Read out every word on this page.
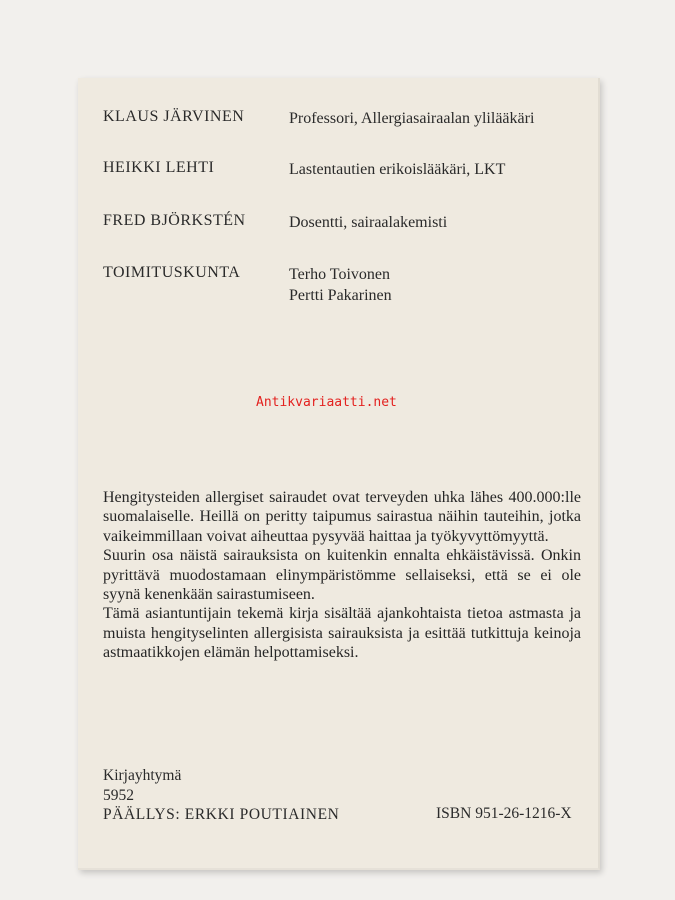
KLAUS JÄRVINEN	Professori, Allergiasairaalan ylilääkäri
HEIKKI LEHTI	Lastentautien erikoislääkäri, LKT
FRED BJÖRKSTÉN	Dosentti, sairaalakemisti
TOIMITUSKUNTA	Terho Toivonen
Pertti Pakarinen
Antikvariaatti.net

Hengitysteiden allergiset sairaudet ovat terveyden uhka lähes 400.000:lle suomalaiselle. Heillä on peritty taipumus sairastua näihin tauteihin, jotka vaikeimmillaan voivat aiheuttaa pysyvää haittaa ja työkyvyttömyyttä.

Suurin osa näistä sairauksista on kuitenkin ennalta ehkäistävissä. Onkin pyrittävä muodostamaan elinympäristömme sellaiseksi, että se ei ole syynä kenenkään sairastumiseen.

Tämä asiantuntijain tekemä kirja sisältää ajankohtaista tietoa astmasta ja muista hengityselinten allergisista sairauksista ja esittää tutkittuja keinoja astmaatikkojen elämän helpottamiseksi.

Kirjayhtymä
5952
PÄÄLLYS: ERKKI POUTIAINEN	ISBN 951-26-1216-X
